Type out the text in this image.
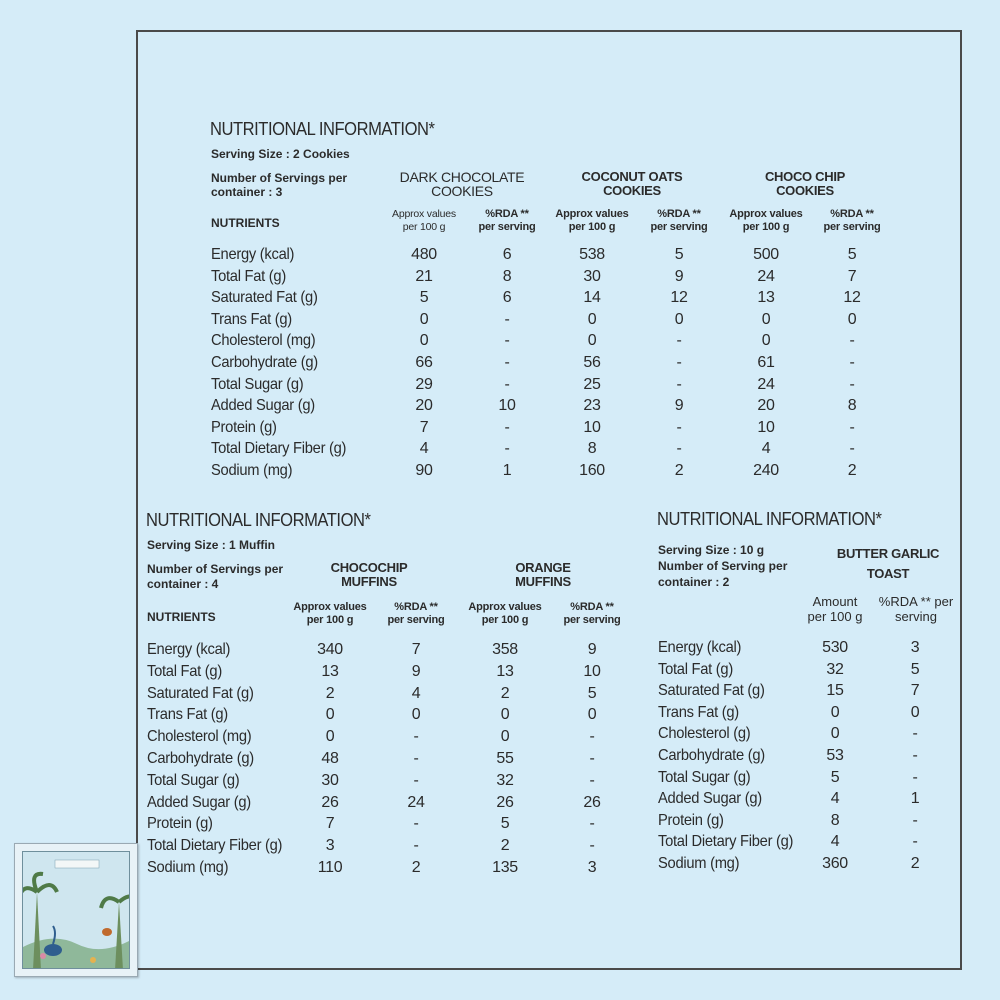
NUTRITIONAL INFORMATION*
Serving Size : 2 Cookies
Number of Servings per
container : 3
NUTRIENTS
DARK CHOCOLATE
COOKIES
Approx values
per 100 g
%RDA **
per serving
COCONUT OATS
COOKIES
Approx values
per 100 g
%RDA **
per serving
CHOCO CHIP
COOKIES
Approx values
per 100 g
%RDA **
per serving
Energy (kcal)	480	6	538	5	500	5
Total Fat (g)	21	8	30	9	24	7
Saturated Fat (g)	5	6	14	12	13	12
Trans Fat (g)	0	-	0	0	0	0
Cholesterol (mg)	0	-	0	-	0	-
Carbohydrate (g)	66	-	56	-	61	-
Total Sugar (g)	29	-	25	-	24	-
Added Sugar (g)	20	10	23	9	20	8
Protein (g)	7	-	10	-	10	-
Total Dietary Fiber (g)	4	-	8	-	4	-
Sodium (mg)	90	1	160	2	240	2
NUTRITIONAL INFORMATION*
Serving Size : 1 Muffin
Number of Servings per
container : 4
NUTRIENTS
CHOCOCHIP
MUFFINS
Approx values
per 100 g
%RDA **
per serving
ORANGE
MUFFINS
Approx values
per 100 g
%RDA **
per serving
Energy (kcal)	340	7	358	9
Total Fat (g)	13	9	13	10
Saturated Fat (g)	2	4	2	5
Trans Fat (g)	0	0	0	0
Cholesterol (mg)	0	-	0	-
Carbohydrate (g)	48	-	55	-
Total Sugar (g)	30	-	32	-
Added Sugar (g)	26	24	26	26
Protein (g)	7	-	5	-
Total Dietary Fiber (g)	3	-	2	-
Sodium (mg)	110	2	135	3
NUTRITIONAL INFORMATION*
Serving Size : 10 g
Number of Serving per
container : 2
BUTTER GARLIC
TOAST
Amount
per 100 g
%RDA ** per
serving
Energy (kcal)	530	3
Total Fat (g)	32	5
Saturated Fat (g)	15	7
Trans Fat (g)	0	0
Cholesterol (g)	0	-
Carbohydrate (g)	53	-
Total Sugar (g)	5	-
Added Sugar (g)	4	1
Protein (g)	8	-
Total Dietary Fiber (g)	4	-
Sodium (mg)	360	2
